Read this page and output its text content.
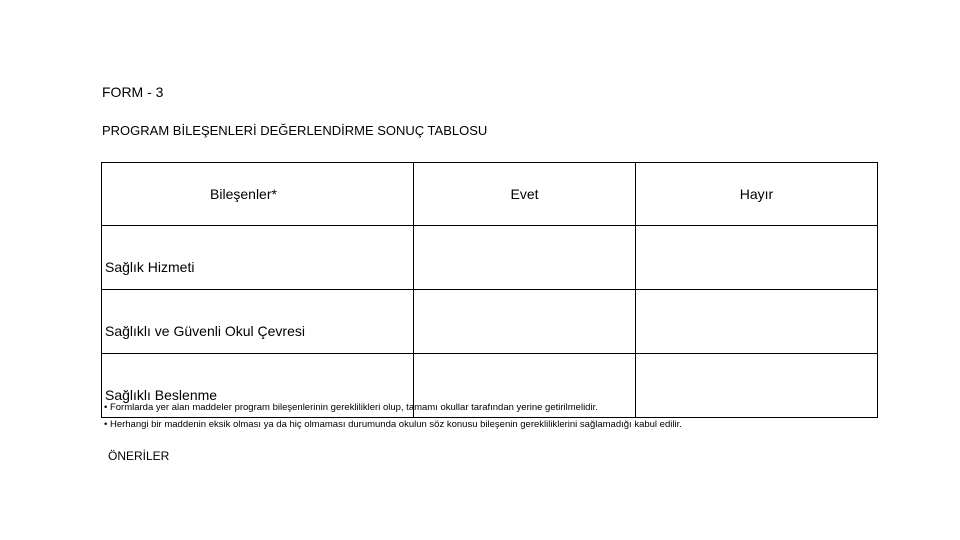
FORM - 3
PROGRAM BİLEŞENLERİ DEĞERLENDİRME SONUÇ TABLOSU
Bileşenler*	Evet	Hayır
Sağlık Hizmeti		
Sağlıklı ve Güvenli Okul Çevresi		
Sağlıklı Beslenme		
• Formlarda yer alan maddeler program bileşenlerinin gereklilikleri olup, tamamı okullar tarafından yerine getirilmelidir.
• Herhangi bir maddenin eksik olması ya da hiç olmaması durumunda okulun söz konusu bileşenin gerekliliklerini sağlamadığı kabul edilir.
ÖNERİLER
